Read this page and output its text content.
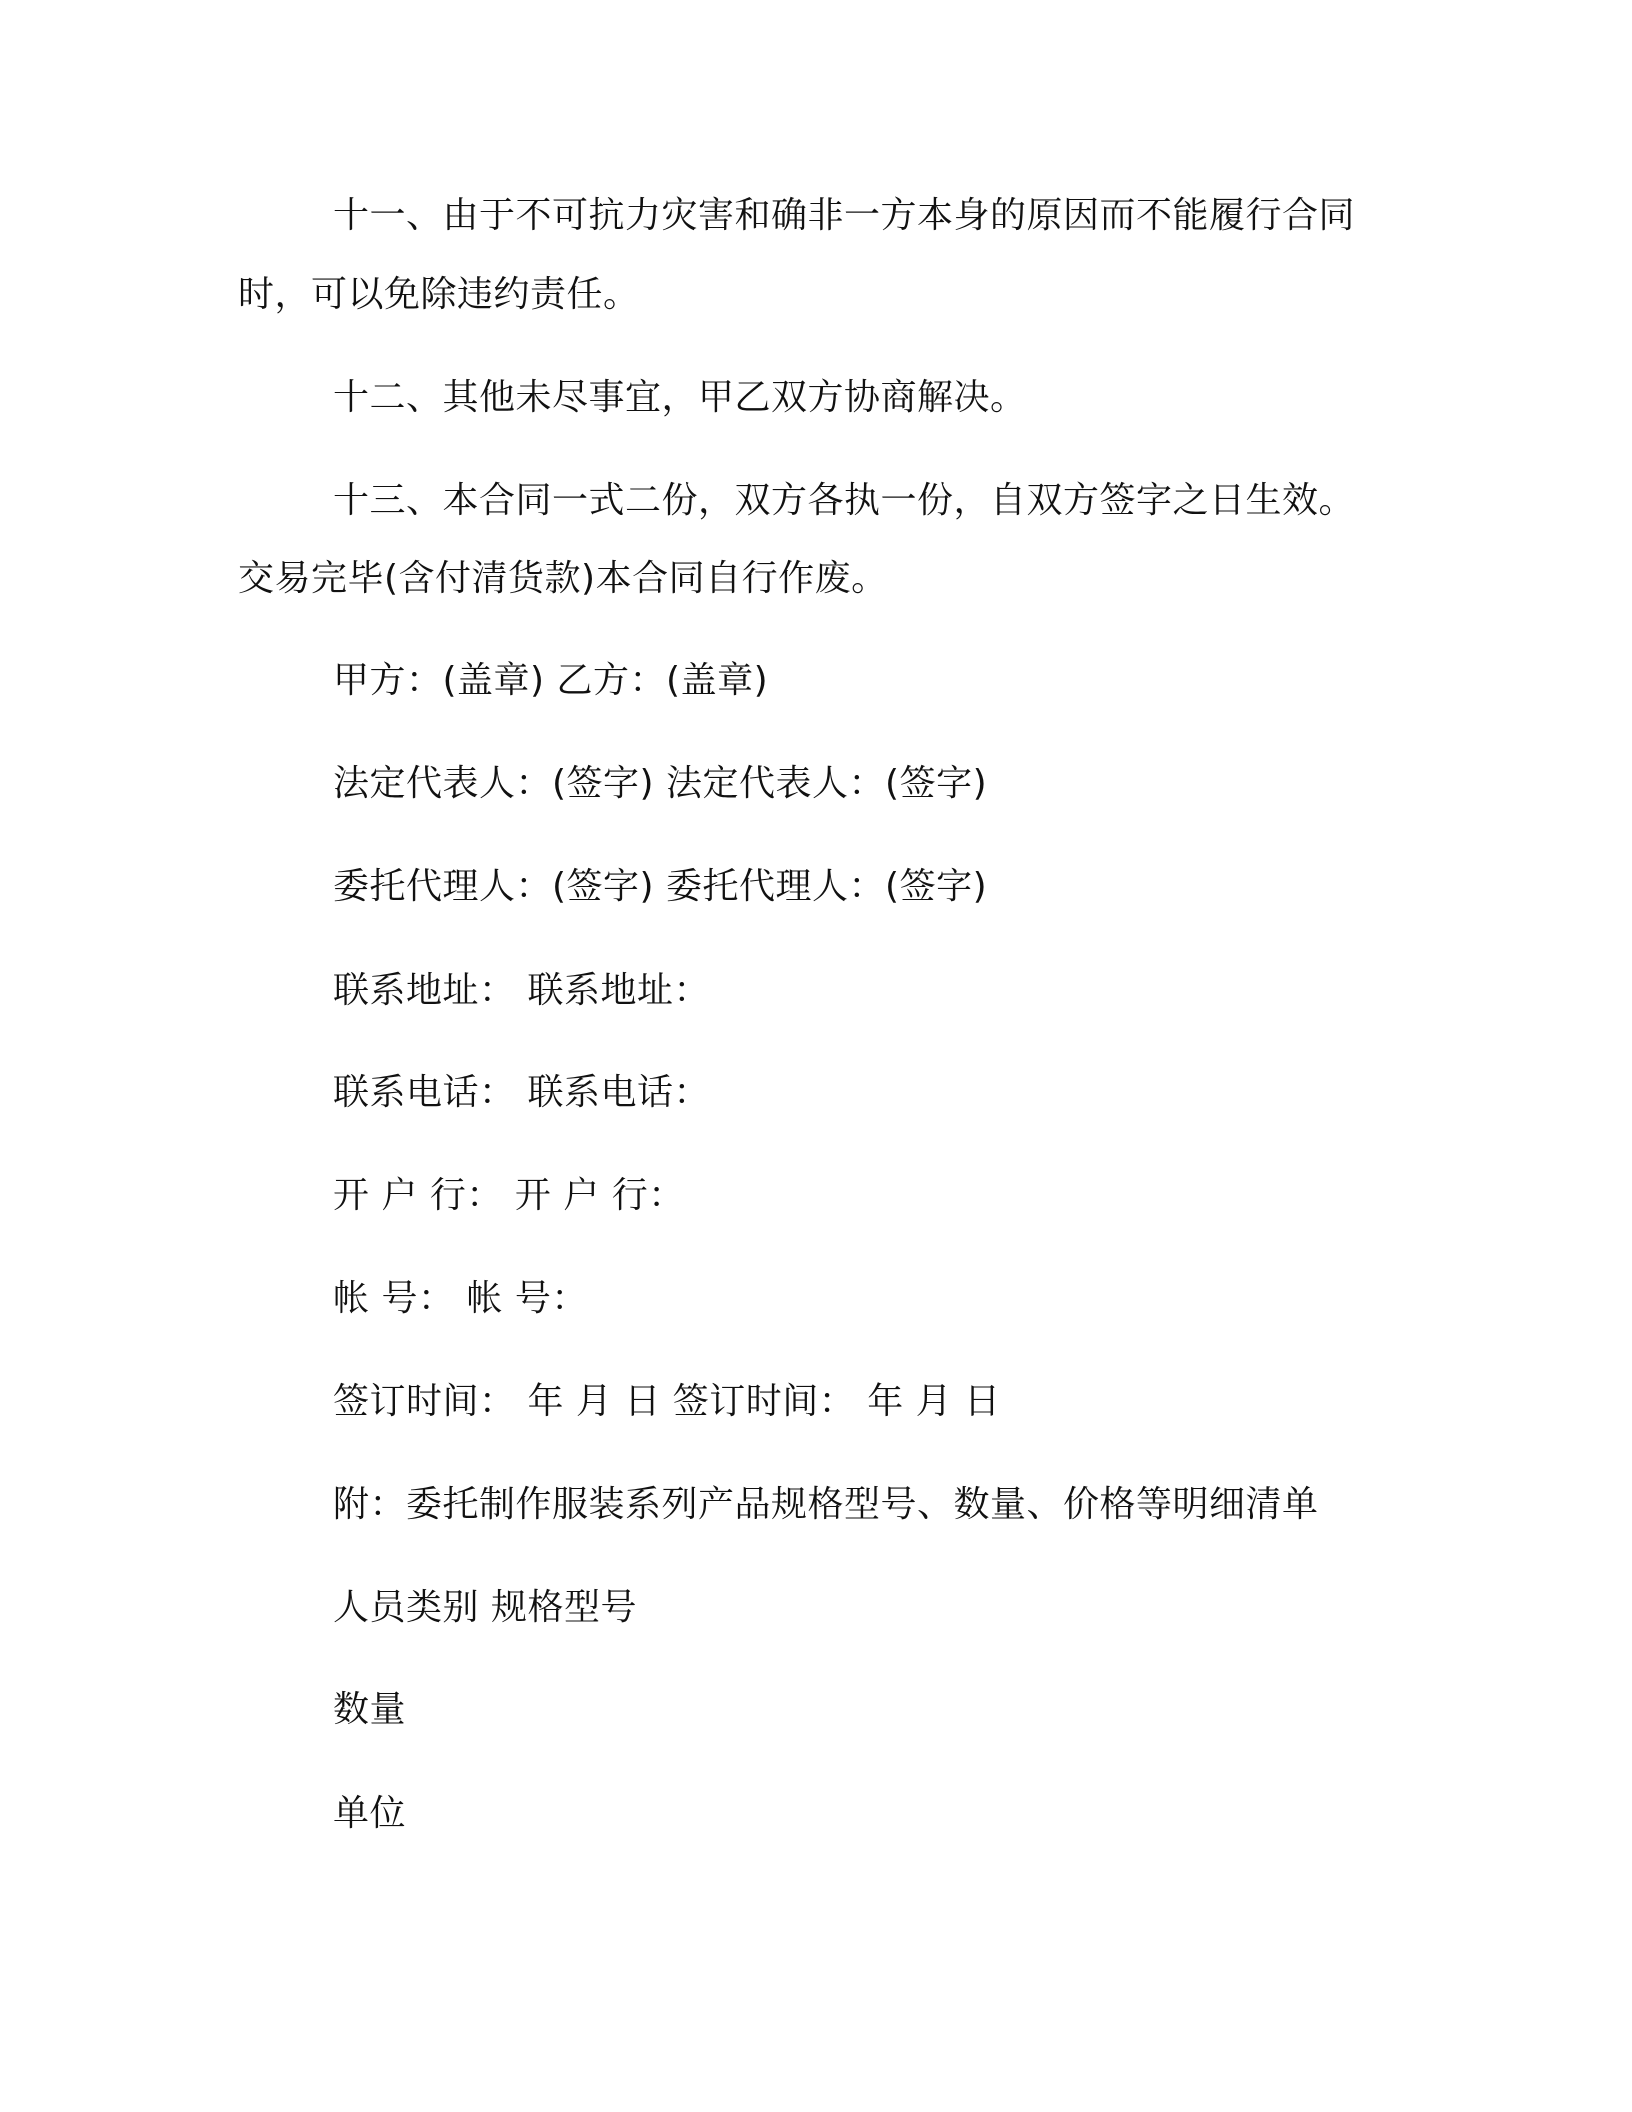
十一、由于不可抗力灾害和确非一方本身的原因而不能履行合同
时，可以免除违约责任。
十二、其他未尽事宜，甲乙双方协商解决。
十三、本合同一式二份，双方各执一份，自双方签字之日生效。
交易完毕(含付清货款)本合同自行作废。
甲方：(盖章) 乙方：(盖章)
法定代表人：(签字) 法定代表人：(签字)
委托代理人：(签字) 委托代理人：(签字)
联系地址： 联系地址：
联系电话： 联系电话：
开 户 行： 开 户 行：
帐 号： 帐 号：
签订时间： 年 月 日 签订时间： 年 月 日
附：委托制作服装系列产品规格型号、数量、价格等明细清单
人员类别 规格型号
数量
单位
